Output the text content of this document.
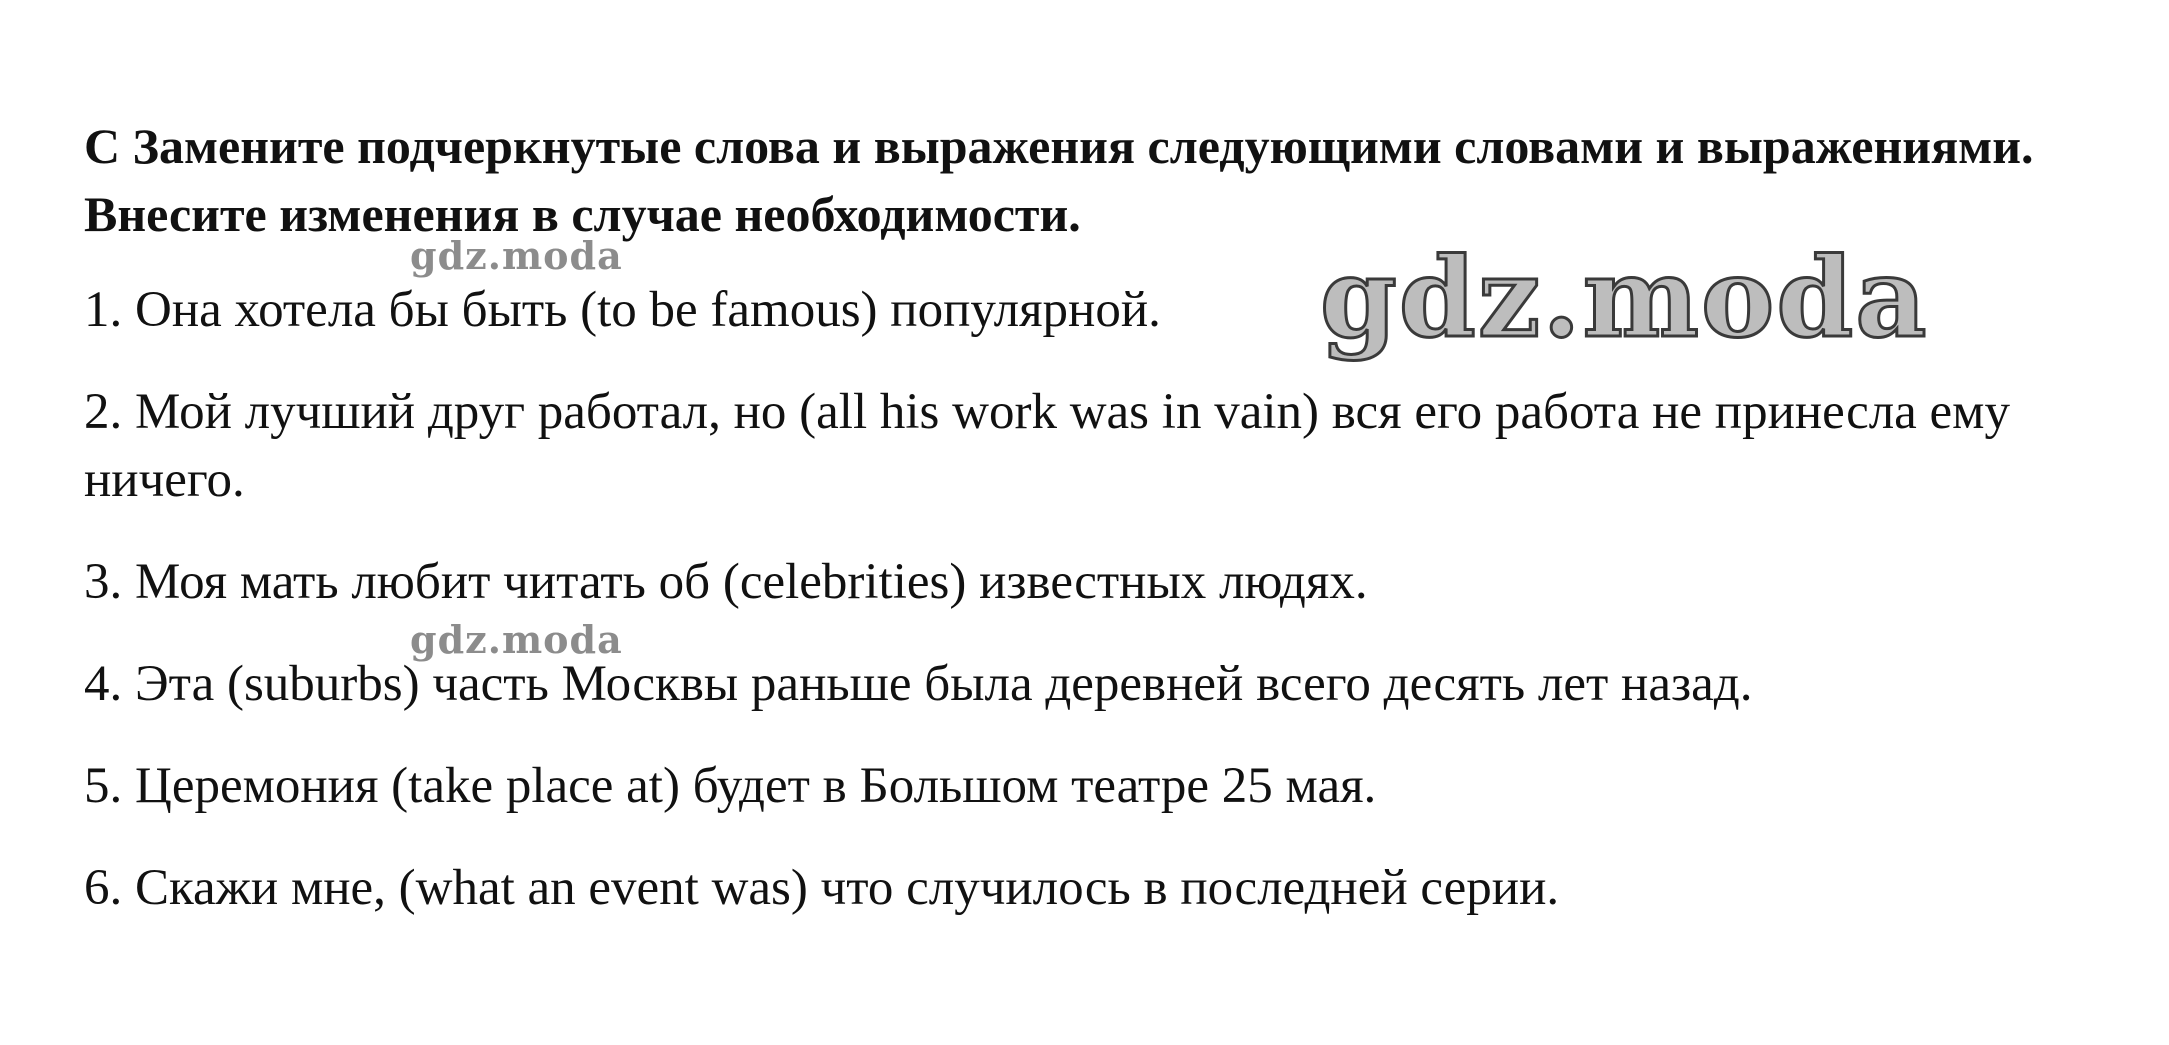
С Замените подчеркнутые слова и выражения следующими словами и выражениями. Внесите изменения в случае необходимости.

1. Она хотела бы быть (to be famous) популярной.
2. Мой лучший друг работал, но (all his work was in vain) вся его работа не принесла ему ничего.
3. Моя мать любит читать об (celebrities) известных людях.
4. Эта (suburbs) часть Москвы раньше была деревней всего десять лет назад.
5. Церемония (take place at) будет в Большом театре 25 мая.
6. Скажи мне, (what an event was) что случилось в последней серии.
gdz.moda	gdz.moda
gdz.moda
